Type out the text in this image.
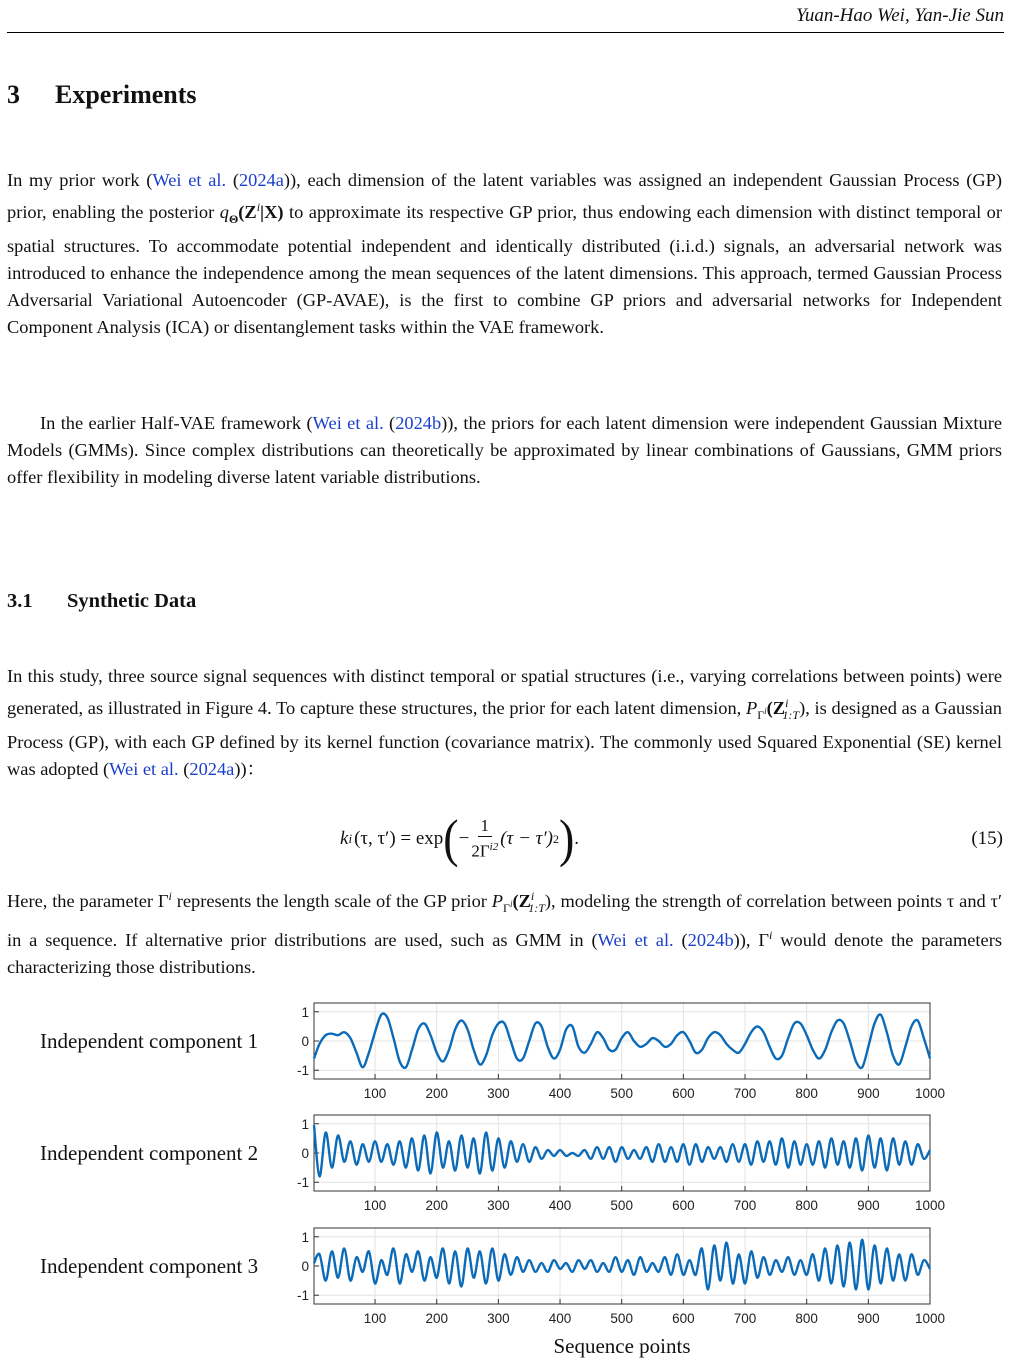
Yuan-Hao Wei, Yan-Jie Sun
3 Experiments

In my prior work (Wei et al. (2024a)), each dimension of the latent variables was assigned an independent Gaussian Process (GP) prior, enabling the posterior $q_\Theta(Z^i|X)$ to approximate its respective GP prior, thus endowing each dimension with distinct temporal or spatial structures. To accommodate potential independent and identically distributed (i.i.d.) signals, an adversarial network was introduced to enhance the independence among the mean sequences of the latent dimensions. This approach, termed Gaussian Process Adversarial Variational Autoencoder (GP-AVAE), is the first to combine GP priors and adversarial networks for Independent Component Analysis (ICA) or disentanglement tasks within the VAE framework.

In the earlier Half-VAE framework (Wei et al. (2024b)), the priors for each latent dimension were independent Gaussian Mixture Models (GMMs). Since complex distributions can theoretically be approximated by linear combinations of Gaussians, GMM priors offer flexibility in modeling diverse latent variable distributions.

3.1 Synthetic Data

In this study, three source signal sequences with distinct temporal or spatial structures (i.e., varying correlations between points) were generated, as illustrated in Figure 4. To capture these structures, the prior for each latent dimension, $P_{\Gamma^i}(Z^i_{1:T})$, is designed as a Gaussian Process (GP), with each GP defined by its kernel function (covariance matrix). The commonly used Squared Exponential (SE) kernel was adopted (Wei et al. (2024a))：

k i (τ, τ′) = exp ( − $\frac{1}{2\Gamma^{i2}} (\tau - \tau')$ 2 ) .	(15)

Here, the parameter $\Gamma^i$ represents the length scale of the GP prior $P_{\Gamma^i}(Z^i_{1:T})$, modeling the strength of correlation between points τ and τ′ in a sequence. If alternative prior distributions are used, such as GMM in (Wei et al. (2024b)), $\Gamma^i$ would denote the parameters characterizing those distributions.

100	200	300	400	500	600	700	800	900	1000
-1
0
1
Independent component 1
100	200	300	400	500	600	700	800	900	1000
-1
0
1
Independent component 2
100	200	300	400	500	600	700	800	900	1000
-1
0
1
Independent component 3
Sequence points
